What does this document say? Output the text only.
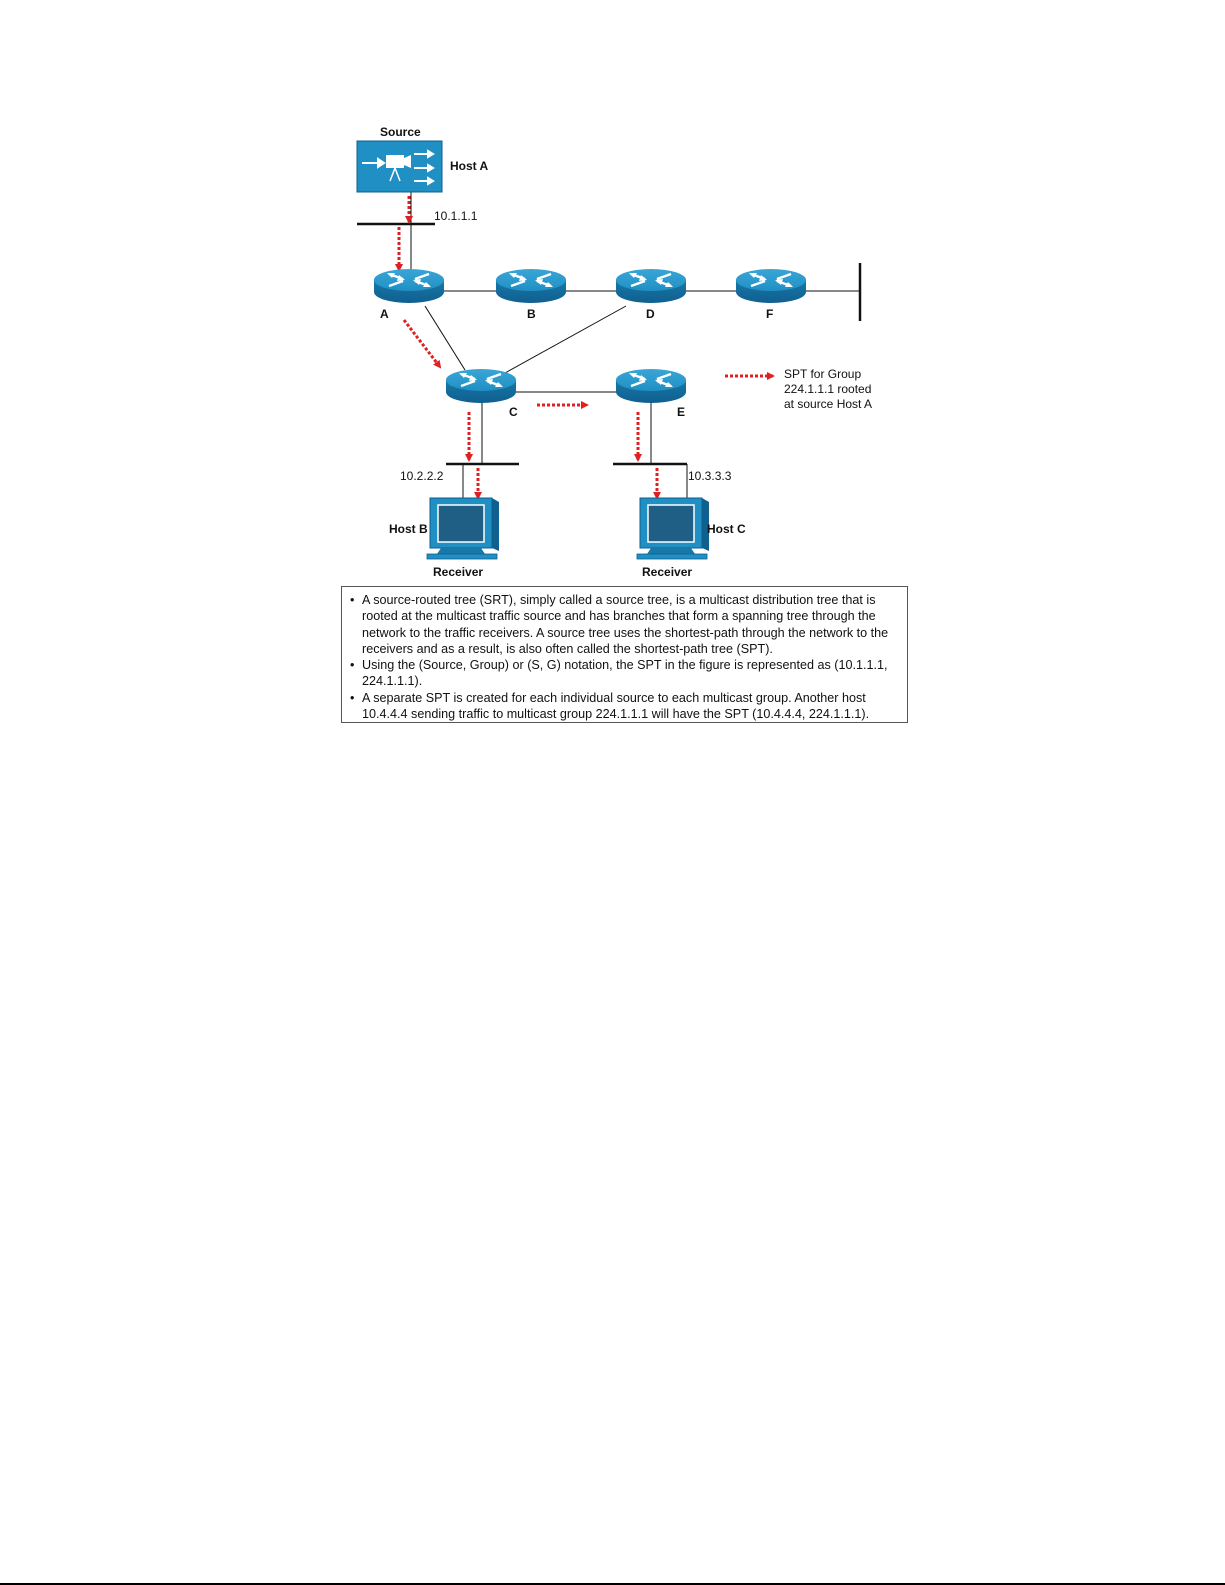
Source
Host A
10.1.1.1
A	B	D	F
C	E
10.2.2.2	10.3.3.3
Host B	Host C
Receiver	Receiver
SPT for Group
224.1.1.1 rooted
at source Host A
• A source-routed tree (SRT), simply called a source tree, is a multicast distribution tree that is rooted at the multicast traffic source and has branches that form a spanning tree through the network to the traffic receivers. A source tree uses the shortest-path through the network to the receivers and as a result, is also often called the shortest-path tree (SPT).
• Using the (Source, Group) or (S, G) notation, the SPT in the figure is represented as (10.1.1.1, 224.1.1.1).
• A separate SPT is created for each individual source to each multicast group. Another host 10.4.4.4 sending traffic to multicast group 224.1.1.1 will have the SPT (10.4.4.4, 224.1.1.1).
